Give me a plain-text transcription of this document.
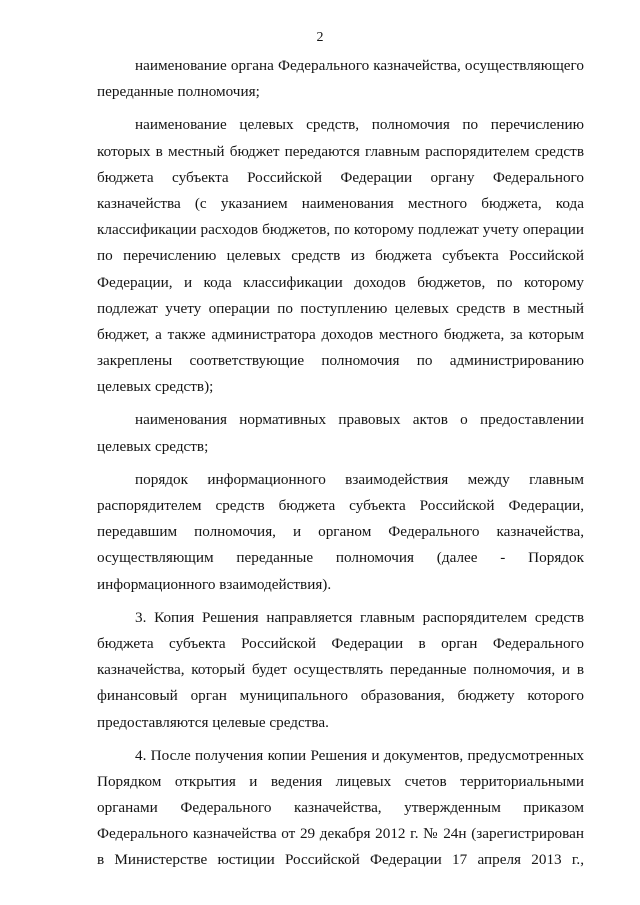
2
наименование органа Федерального казначейства, осуществляющего
переданные полномочия;
наименование целевых средств, полномочия по перечислению
которых в местный бюджет передаются главным распорядителем средств
бюджета субъекта Российской Федерации органу Федерального
казначейства (с указанием наименования местного бюджета, кода
классификации расходов бюджетов, по которому подлежат учету операции
по перечислению целевых средств из бюджета субъекта Российской
Федерации, и кода классификации доходов бюджетов, по которому
подлежат учету операции по поступлению целевых средств в местный
бюджет, а также администратора доходов местного бюджета, за которым
закреплены соответствующие полномочия по администрированию
целевых средств);
наименования нормативных правовых актов о предоставлении
целевых средств;
порядок информационного взаимодействия между главным
распорядителем средств бюджета субъекта Российской Федерации,
передавшим полномочия, и органом Федерального казначейства,
осуществляющим переданные полномочия (далее - Порядок
информационного взаимодействия).
3. Копия Решения направляется главным распорядителем средств
бюджета субъекта Российской Федерации в орган Федерального
казначейства, который будет осуществлять переданные полномочия, и в
финансовый орган муниципального образования, бюджету которого
предоставляются целевые средства.
4. После получения копии Решения и документов, предусмотренных
Порядком открытия и ведения лицевых счетов территориальными
органами Федерального казначейства, утвержденным приказом
Федерального казначейства от 29 декабря 2012 г. № 24н (зарегистрирован
в Министерстве юстиции Российской Федерации 17 апреля 2013 г.,
